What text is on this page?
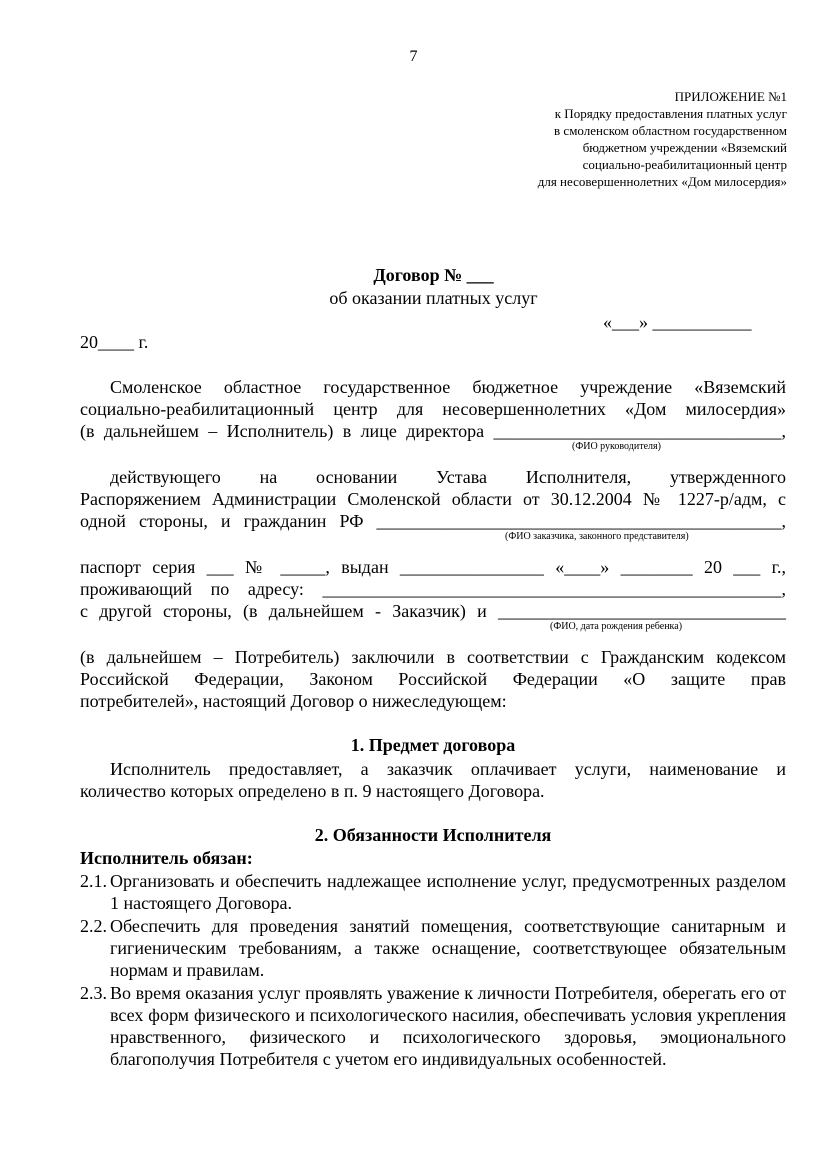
7
ПРИЛОЖЕНИЕ №1
к Порядку предоставления платных услуг
в смоленском областном государственном
бюджетном учреждении «Вяземский
социально-реабилитационный центр
для несовершеннолетних «Дом милосердия»
Договор № ___
об оказании платных услуг
«___» ___________
20____ г.
Смоленское областное государственное бюджетное учреждение «Вяземский
социально-реабилитационный центр для несовершеннолетних «Дом милосердия»
(в дальнейшем – Исполнитель) в лице директора ________________________________,
(ФИО руководителя)
действующего на основании Устава Исполнителя, утвержденного
Распоряжением Администрации Смоленской области от 30.12.2004 № 1227-р/адм, с
одной стороны, и гражданин РФ _____________________________________________,
(ФИО заказчика, законного представителя)
паспорт серия ___ № _____, выдан ________________ «____» ________ 20 ___ г.,
проживающий по адресу: ___________________________________________________,
с другой стороны, (в дальнейшем - Заказчик) и ________________________________
(ФИО, дата рождения ребенка)
(в дальнейшем – Потребитель) заключили в соответствии с Гражданским кодексом
Российской Федерации, Законом Российской Федерации «О защите прав
потребителей», настоящий Договор о нижеследующем:
1. Предмет договора
Исполнитель предоставляет, а заказчик оплачивает услуги, наименование и
количество которых определено в п. 9 настоящего Договора.
2. Обязанности Исполнителя
Исполнитель обязан:
2.1. Организовать и обеспечить надлежащее исполнение услуг, предусмотренных разделом 1 настоящего Договора.
2.2. Обеспечить для проведения занятий помещения, соответствующие санитарным и гигиеническим требованиям, а также оснащение, соответствующее обязательным нормам и правилам.
2.3. Во время оказания услуг проявлять уважение к личности Потребителя, оберегать его от всех форм физического и психологического насилия, обеспечивать условия укрепления нравственного, физического и психологического здоровья, эмоционального благополучия Потребителя с учетом его индивидуальных особенностей.
